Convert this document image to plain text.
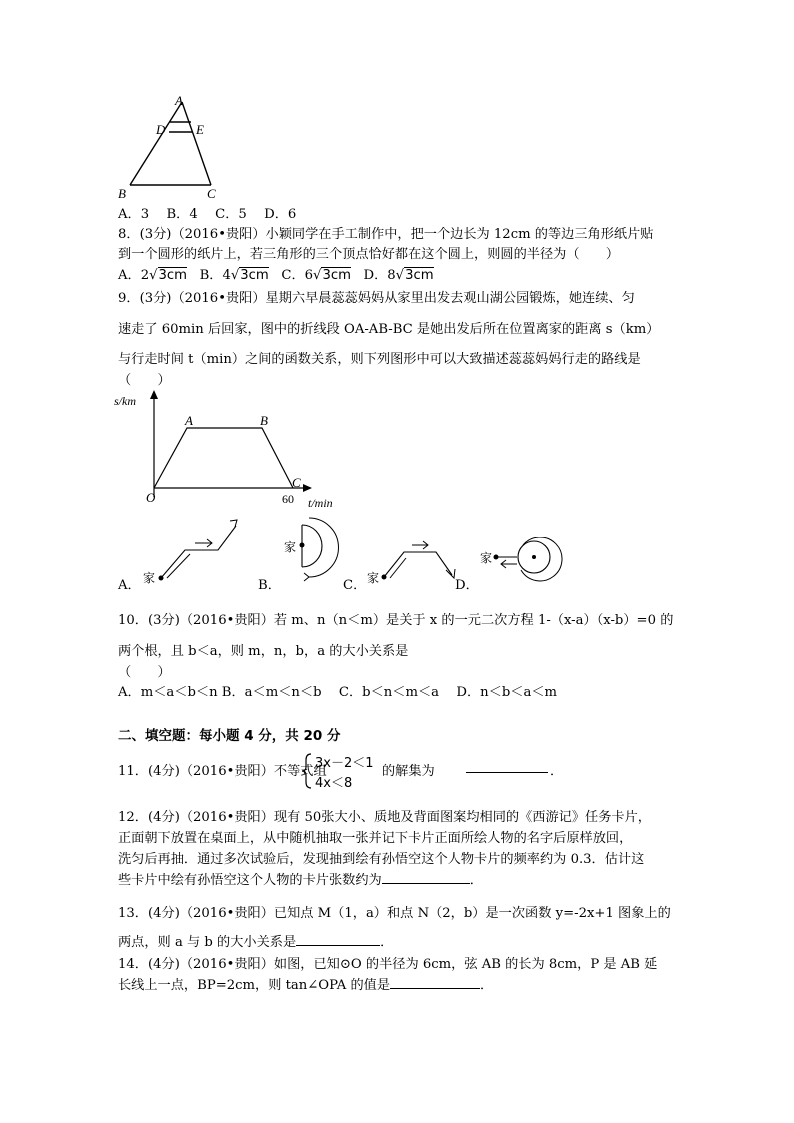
A
D E
B	C
A．3　 B．4　 C．5　 D．6
8．(3分)（2016•贵阳）小颖同学在手工制作中，把一个边长为 12cm 的等边三角形纸片贴
到一个圆形的纸片上，若三角形的三个顶点恰好都在这个圆上，则圆的半径为（　　）
A．2√3cm B．4√3cm C．6√3cm D．8√3cm
9．(3分)（2016•贵阳）星期六早晨蕊蕊妈妈从家里出发去观山湖公园锻炼，她连续、匀
速走了 60min 后回家，图中的折线段 OA-AB-BC 是她出发后所在位置离家的距离 s（km）
与行走时间 t（min）之间的函数关系，则下列图形中可以大致描述蕊蕊妈妈行走的路线是
（　　）
s/km
t/min
O
A	B
C
60
A． 家	B．
家
C． 家	D．
家
10．(3分)（2016•贵阳）若 m、n（n＜m）是关于 x 的一元二次方程 1-（x-a）（x-b）=0 的
两个根，且 b＜a，则 m，n，b，a 的大小关系是
（　　）
A．m＜a＜b＜n B．a＜m＜n＜b　 C．b＜n＜m＜a　 D．n＜b＜a＜m
二、填空题：每小题 4 分，共 20 分
11．(4分)（2016•贵阳）不等式组
3x－2＜1
4x＜8
的解集为	．
12．(4分)（2016•贵阳）现有 50张大小、质地及背面图案均相同的《西游记》任务卡片，
正面朝下放置在桌面上，从中随机抽取一张并记下卡片正面所绘人物的名字后原样放回，
洗匀后再抽．通过多次试验后，发现抽到绘有孙悟空这个人物卡片的频率约为 0.3．估计这
些卡片中绘有孙悟空这个人物的卡片张数约为	．
13．(4分)（2016•贵阳）已知点 M（1，a）和点 N（2，b）是一次函数 y=-2x+1 图象上的
两点，则 a 与 b 的大小关系是	．
14．(4分)（2016•贵阳）如图，已知⊙O 的半径为 6cm，弦 AB 的长为 8cm，P 是 AB 延
长线上一点，BP=2cm，则 tan∠OPA 的值是	．
